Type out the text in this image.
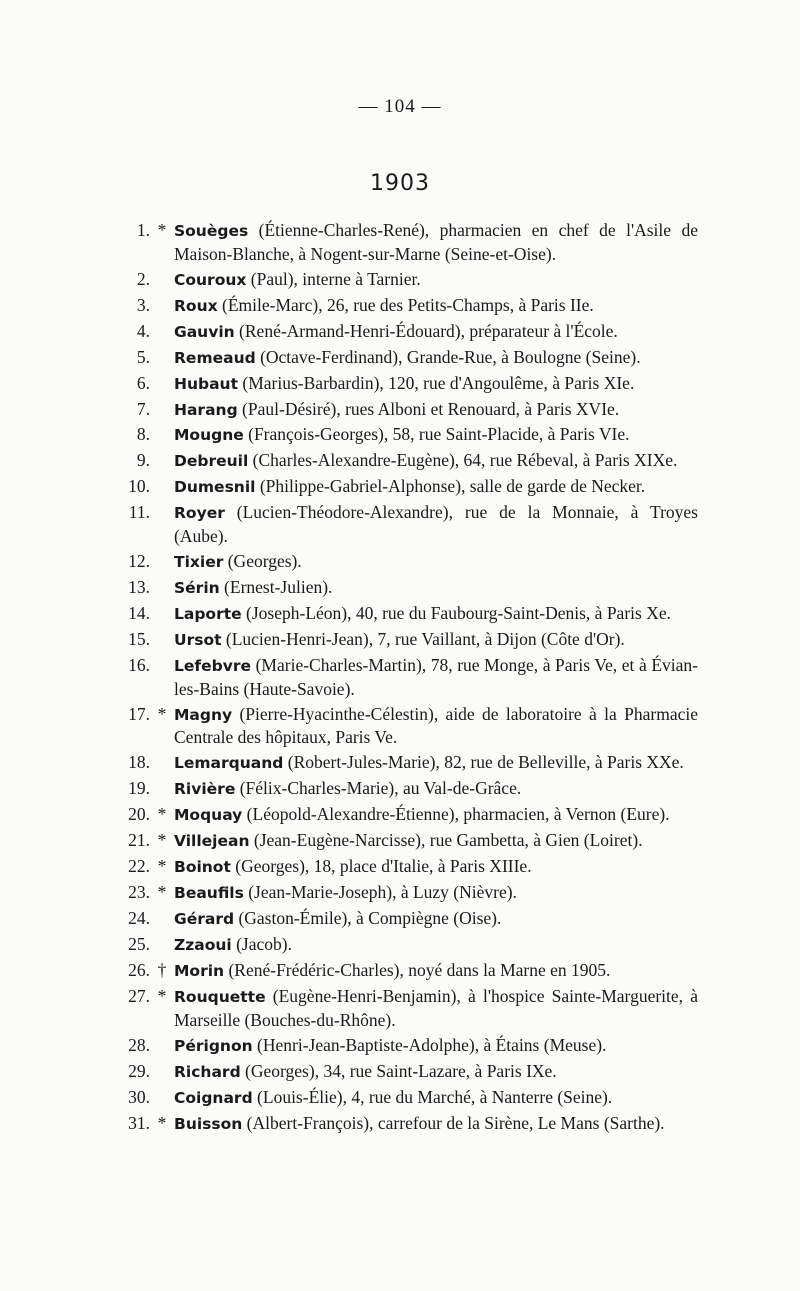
— 104 —
1903
1. * Souèges (Étienne-Charles-René), pharmacien en chef de l'Asile de Maison-Blanche, à Nogent-sur-Marne (Seine-et-Oise).
2. Couroux (Paul), interne à Tarnier.
3. Roux (Émile-Marc), 26, rue des Petits-Champs, à Paris IIe.
4. Gauvin (René-Armand-Henri-Édouard), préparateur à l'École.
5. Remeaud (Octave-Ferdinand), Grande-Rue, à Boulogne (Seine).
6. Hubaut (Marius-Barbardin), 120, rue d'Angoulême, à Paris XIe.
7. Harang (Paul-Désiré), rues Alboni et Renouard, à Paris XVIe.
8. Mougne (François-Georges), 58, rue Saint-Placide, à Paris VIe.
9. Debreuil (Charles-Alexandre-Eugène), 64, rue Rébeval, à Paris XIXe.
10. Dumesnil (Philippe-Gabriel-Alphonse), salle de garde de Necker.
11. Royer (Lucien-Théodore-Alexandre), rue de la Monnaie, à Troyes (Aube).
12. Tixier (Georges).
13. Sérin (Ernest-Julien).
14. Laporte (Joseph-Léon), 40, rue du Faubourg-Saint-Denis, à Paris Xe.
15. Ursot (Lucien-Henri-Jean), 7, rue Vaillant, à Dijon (Côte d'Or).
16. Lefebvre (Marie-Charles-Martin), 78, rue Monge, à Paris Ve, et à Évian-les-Bains (Haute-Savoie).
17. * Magny (Pierre-Hyacinthe-Célestin), aide de laboratoire à la Pharmacie Centrale des hôpitaux, Paris Ve.
18. Lemarquand (Robert-Jules-Marie), 82, rue de Belleville, à Paris XXe.
19. Rivière (Félix-Charles-Marie), au Val-de-Grâce.
20. * Moquay (Léopold-Alexandre-Étienne), pharmacien, à Vernon (Eure).
21. * Villejean (Jean-Eugène-Narcisse), rue Gambetta, à Gien (Loiret).
22. * Boinot (Georges), 18, place d'Italie, à Paris XIIIe.
23. * Beaufils (Jean-Marie-Joseph), à Luzy (Nièvre).
24. Gérard (Gaston-Émile), à Compiègne (Oise).
25. Zzaoui (Jacob).
26. † Morin (René-Frédéric-Charles), noyé dans la Marne en 1905.
27. * Rouquette (Eugène-Henri-Benjamin), à l'hospice Sainte-Marguerite, à Marseille (Bouches-du-Rhône).
28. Pérignon (Henri-Jean-Baptiste-Adolphe), à Étains (Meuse).
29. Richard (Georges), 34, rue Saint-Lazare, à Paris IXe.
30. Coignard (Louis-Élie), 4, rue du Marché, à Nanterre (Seine).
31. * Buisson (Albert-François), carrefour de la Sirène, Le Mans (Sarthe).
